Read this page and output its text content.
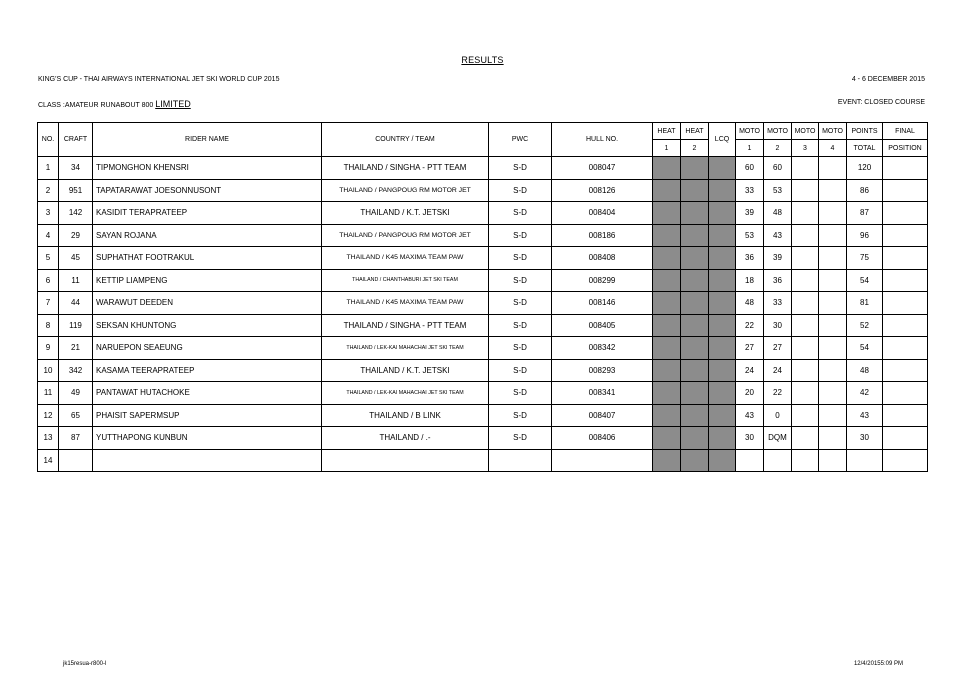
RESULTS
KING'S CUP - THAI AIRWAYS INTERNATIONAL JET SKI WORLD CUP 2015	4 - 6 DECEMBER 2015
CLASS :AMATEUR RUNABOUT 800 LIMITED	EVENT: CLOSED COURSE
NO.	CRAFT	RIDER NAME	COUNTRY / TEAM	PWC	HULL NO.	HEAT	HEAT	LCQ	MOTO	MOTO	MOTO	MOTO	POINTS	FINAL
						1	2		1	2	3	4	TOTAL	POSITION
1	34	TIPMONGHON KHENSRI	THAILAND / SINGHA - PTT TEAM	S-D	008047				60	60			120	
2	951	TAPATARAWAT JOESONNUSONT	THAILAND / PANGPOUG RM MOTOR JET	S-D	008126				33	53			86	
3	142	KASIDIT TERAPRATEEP	THAILAND / K.T. JETSKI	S-D	008404				39	48			87	
4	29	SAYAN ROJANA	THAILAND / PANGPOUG RM MOTOR JET	S-D	008186				53	43			96	
5	45	SUPHATHAT FOOTRAKUL	THAILAND / K45 MAXIMA TEAM PAW	S-D	008408				36	39			75	
6	11	KETTIP LIAMPENG	THAILAND / CHANTHABURI JET SKI TEAM	S-D	008299				18	36			54	
7	44	WARAWUT DEEDEN	THAILAND / K45 MAXIMA TEAM PAW	S-D	008146				48	33			81	
8	119	SEKSAN KHUNTONG	THAILAND / SINGHA - PTT TEAM	S-D	008405				22	30			52	
9	21	NARUEPON SEAEUNG	THAILAND / LEK-KAI MAHACHAI JET SKI TEAM	S-D	008342				27	27			54	
10	342	KASAMA TEERAPRATEEP	THAILAND / K.T. JETSKI	S-D	008293				24	24			48	
11	49	PANTAWAT HUTACHOKE	THAILAND / LEK-KAI MAHACHAI JET SKI TEAM	S-D	008341				20	22			42	
12	65	PHAISIT SAPERMSUP	THAILAND / B LINK	S-D	008407				43	0			43	
13	87	YUTTHAPONG KUNBUN	THAILAND / .-	S-D	008406				30	DQM			30	
14														
jk15resua-r800-l	12/4/20155:09 PM
